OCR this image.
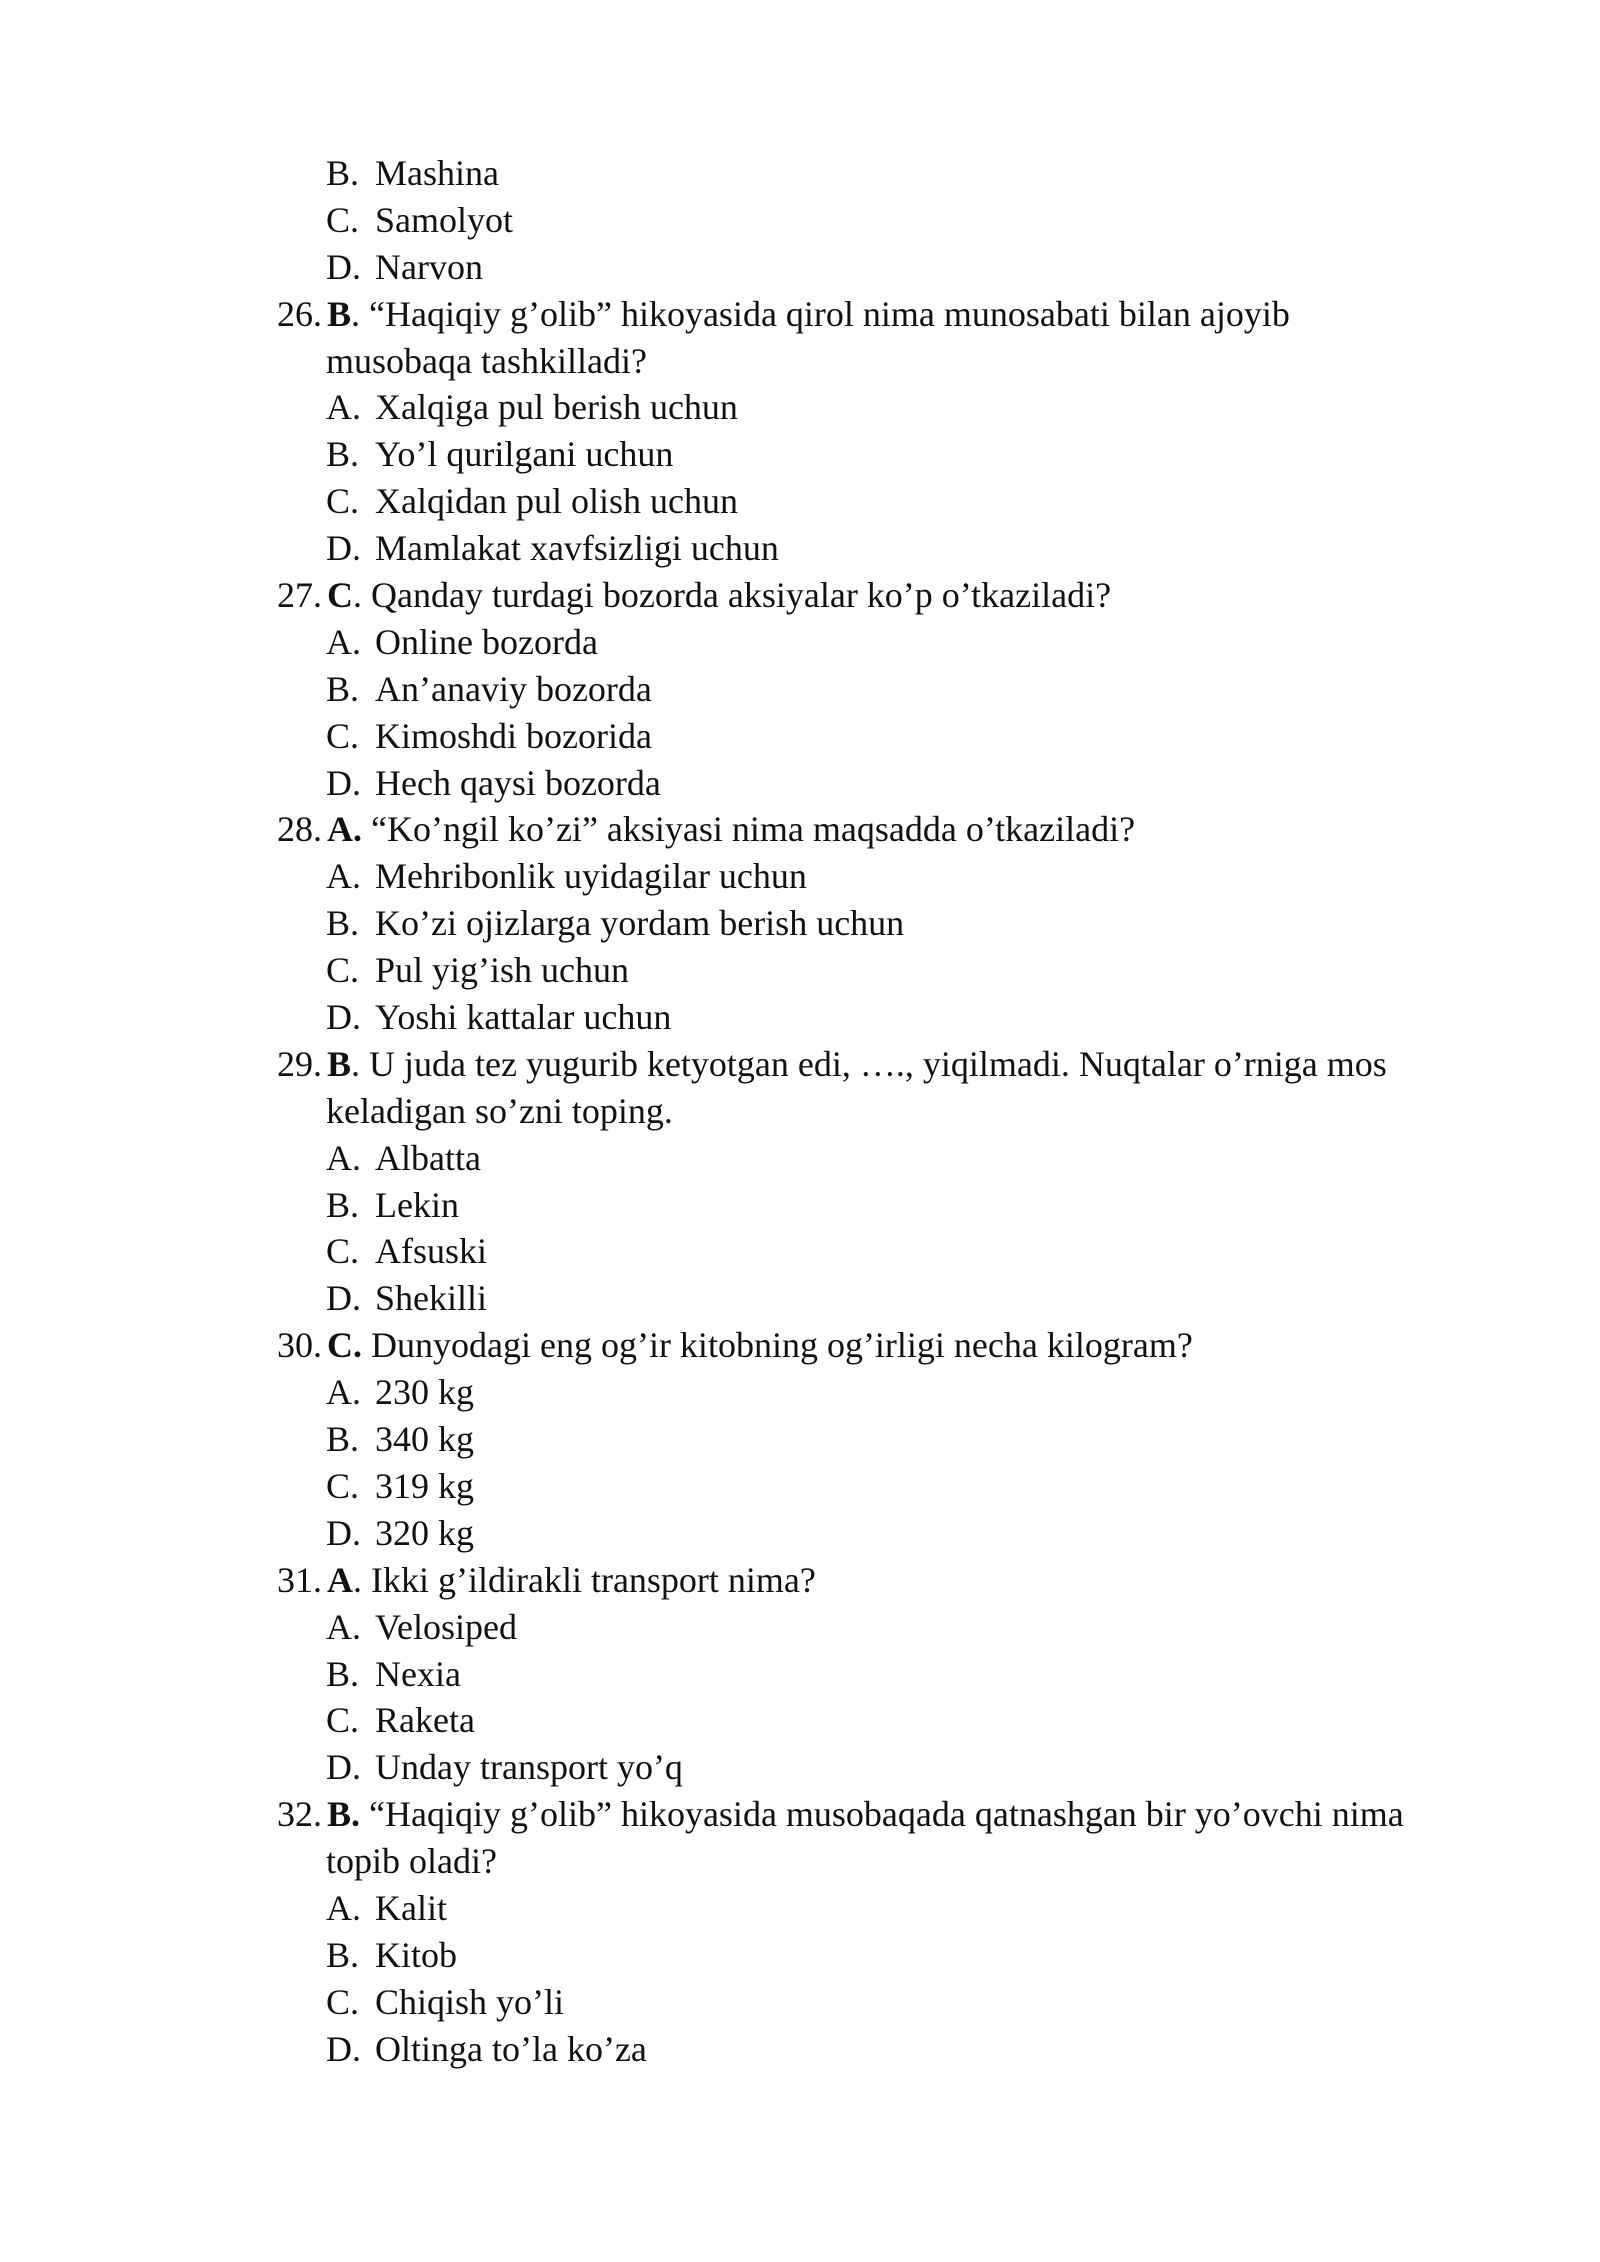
B. Mashina
C. Samolyot
D. Narvon
26. B. “Haqiqiy g’olib” hikoyasida qirol nima munosabati bilan ajoyib
musobaqa tashkilladi?
A. Xalqiga pul berish uchun
B. Yo’l qurilgani uchun
C. Xalqidan pul olish uchun
D. Mamlakat xavfsizligi uchun
27. C. Qanday turdagi bozorda aksiyalar ko’p o’tkaziladi?
A. Online bozorda
B. An’anaviy bozorda
C. Kimoshdi bozorida
D. Hech qaysi bozorda
28. A. “Ko’ngil ko’zi” aksiyasi nima maqsadda o’tkaziladi?
A. Mehribonlik uyidagilar uchun
B. Ko’zi ojizlarga yordam berish uchun
C. Pul yig’ish uchun
D. Yoshi kattalar uchun
29. B. U juda tez yugurib ketyotgan edi, …., yiqilmadi. Nuqtalar o’rniga mos
keladigan so’zni toping.
A. Albatta
B. Lekin
C. Afsuski
D. Shekilli
30. C. Dunyodagi eng og’ir kitobning og’irligi necha kilogram?
A. 230 kg
B. 340 kg
C. 319 kg
D. 320 kg
31. A. Ikki g’ildirakli transport nima?
A. Velosiped
B. Nexia
C. Raketa
D. Unday transport yo’q
32. B. “Haqiqiy g’olib” hikoyasida musobaqada qatnashgan bir yo’ovchi nima
topib oladi?
A. Kalit
B. Kitob
C. Chiqish yo’li
D. Oltinga to’la ko’za
